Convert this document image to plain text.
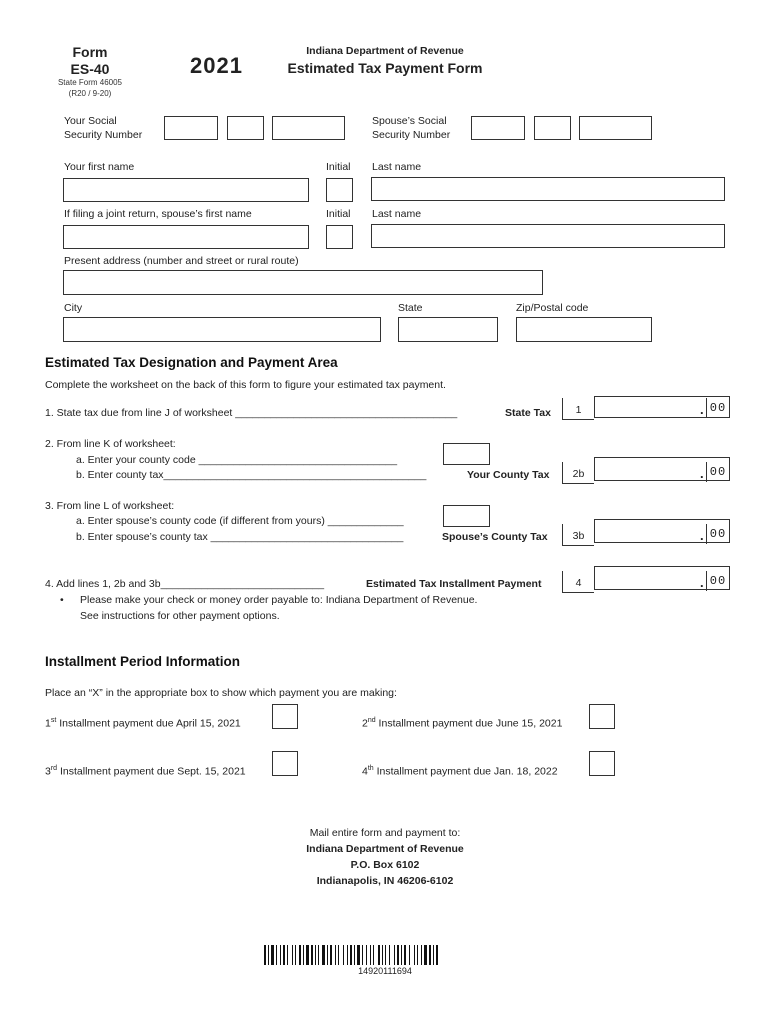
Form
ES-40
State Form 46005
(R20 / 9-20)
2021
Indiana Department of Revenue
Estimated Tax Payment Form
Your Social
Security Number
Spouse’s Social
Security Number
Your first name	Initial Last name
If filing a joint return, spouse’s first name	Initial Last name
Present address (number and street or rural route)
City	State	Zip/Postal code
Estimated Tax Designation and Payment Area
Complete the worksheet on the back of this form to figure your estimated tax payment.
1. State tax due from line J of worksheet ______________________________________	State Tax	1	. 00
2. From line K of worksheet:
a. Enter your county code __________________________________
b. Enter county tax_____________________________________________	Your County Tax	2b	. 00
3. From line L of worksheet:
a. Enter spouse’s county code (if different from yours) _____________
b. Enter spouse’s county tax _________________________________	Spouse’s County Tax	3b	. 00
4. Add lines 1, 2b and 3b____________________________	Estimated Tax Installment Payment	4	. 00
• Please make your check or money order payable to: Indiana Department of Revenue.
See instructions for other payment options.
Installment Period Information
Place an “X” in the appropriate box to show which payment you are making:
1st Installment payment due April 15, 2021	2nd Installment payment due June 15, 2021
3rd Installment payment due Sept. 15, 2021	4th Installment payment due Jan. 18, 2022
Mail entire form and payment to:
Indiana Department of Revenue
P.O. Box 6102
Indianapolis, IN 46206-6102
14920111694
